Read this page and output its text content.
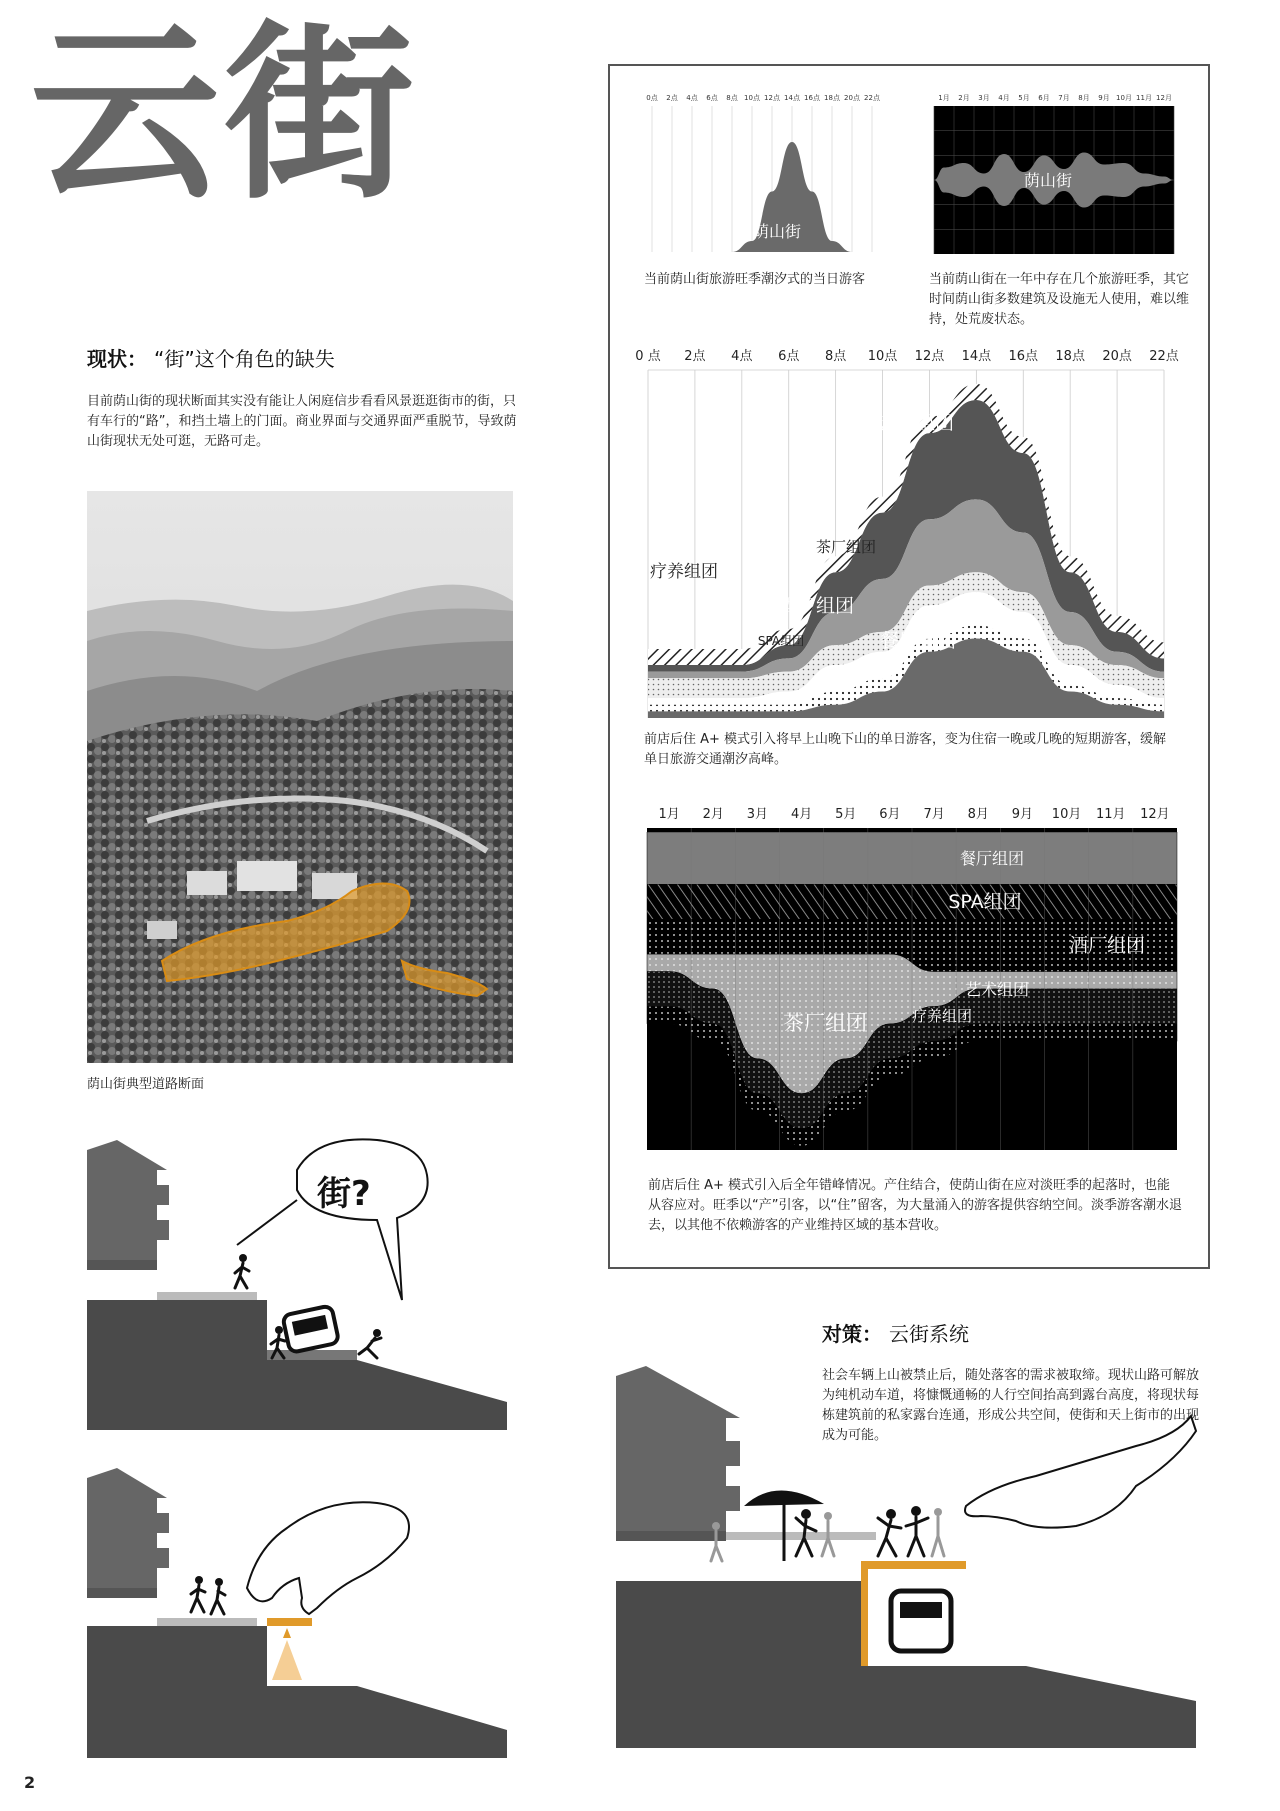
云街
现状： “街”这个角色的缺失
目前荫山街的现状断面其实没有能让人闲庭信步看看风景逛逛街市的街，只有车行的“路”，和挡土墙上的门面。商业界面与交通界面严重脱节，导致荫山街现状无处可逛，无路可走。
荫山街典型道路断面
街?
0点 2点 4点 6点 8点 10点 12点 14点 16点 18点 20点 22点
荫山街
当前荫山街旅游旺季潮汐式的当日游客
1月 2月 3月 4月 5月 6月 7月 8月 9月 10月 11月 12月
荫山街
当前荫山街在一年中存在几个旅游旺季，其它时间荫山街多数建筑及设施无人使用，难以维持，处荒废状态。
0 点 2点 4点 6点 8点 10点 12点 14点 16点 18点 20点 22点
艺术组团
茶厂组团
疗养组团
酒厂组团
SPA组团	餐厅组团
前店后住 A+ 模式引入将早上山晚下山的单日游客，变为住宿一晚或几晚的短期游客，缓解单日旅游交通潮汐高峰。
1月 2月 3月 4月 5月 6月 7月 8月 9月 10月 11月 12月
餐厅组团
SPA组团
酒厂组团
茶厂组团
艺术组团
疗养组团
前店后住 A+ 模式引入后全年错峰情况。产住结合，使荫山街在应对淡旺季的起落时，也能从容应对。旺季以“产”引客，以“住”留客，为大量涌入的游客提供容纳空间。淡季游客潮水退去，以其他不依赖游客的产业维持区域的基本营收。
对策： 云街系统
社会车辆上山被禁止后，随处落客的需求被取缔。现状山路可解放为纯机动车道，将慷慨通畅的人行空间抬高到露台高度，将现状每栋建筑前的私家露台连通，形成公共空间，使街和天上街市的出现成为可能。
2
